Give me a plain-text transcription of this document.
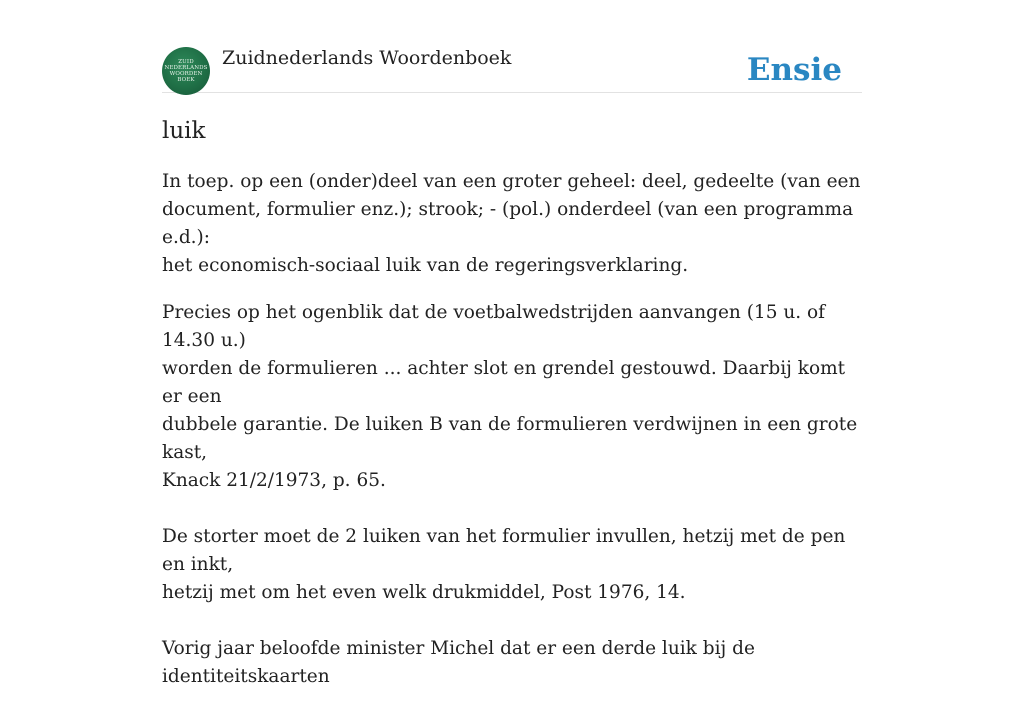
ZUID
NEDERLANDS
WOORDEN
BOEK
Zuidnederlands Woordenboek	Ensie
luik

In toep. op een (onder)deel van een groter geheel: deel, gedeelte (van een
document, formulier enz.); strook; - (pol.) onderdeel (van een programma e.d.):
het economisch-sociaal luik van de regeringsverklaring.

Precies op het ogenblik dat de voetbalwedstrijden aanvangen (15 u. of 14.30 u.)
worden de formulieren ... achter slot en grendel gestouwd. Daarbij komt er een
dubbele garantie. De luiken B van de formulieren verdwijnen in een grote kast,
Knack 21/2/1973, p. 65.

De storter moet de 2 luiken van het formulier invullen, hetzij met de pen en inkt,
hetzij met om het even welk drukmiddel, Post 1976, 14.

Vorig jaar beloofde minister Michel dat er een derde luik bij de identiteitskaarten
